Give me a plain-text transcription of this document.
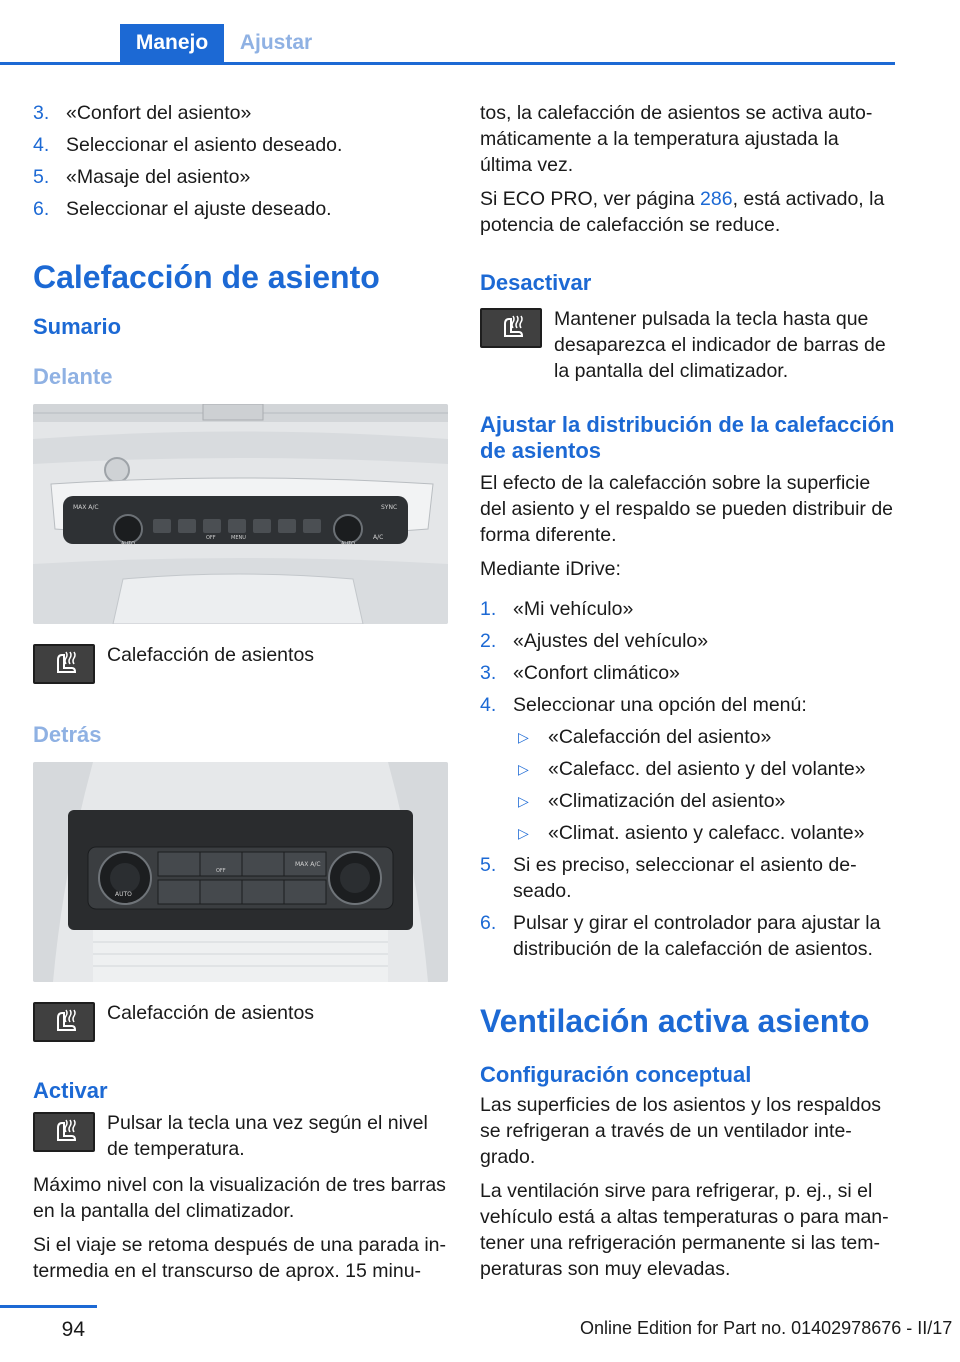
Manejo	Ajustar
3. «Confort del asiento»
4. Seleccionar el asiento deseado.
5. «Masaje del asiento»
6. Seleccionar el ajuste deseado.
Calefacción de asiento
Sumario
Delante
MAX A/C
AUTO	AUTO
MENU
SYNC
A/C
OFF
Calefacción de asientos
Detrás
AUTO
OFF
MAX A/C
Calefacción de asientos
Activar
Pulsar la tecla una vez según el nivel de temperatura.

Máximo nivel con la visualización de tres barras en la pantalla del climatizador.

Si el viaje se retoma después de una parada in‐termedia en el transcurso de aprox. 15 minu‐

tos, la calefacción de asientos se activa auto‐máticamente a la temperatura ajustada la última vez.

Si ECO PRO, ver página 286, está activado, la potencia de calefacción se reduce.

Desactivar
Mantener pulsada la tecla hasta que desaparezca el indicador de barras de la pantalla del climatizador.
Ajustar la distribución de la calefacción de asientos

El efecto de la calefacción sobre la superficie del asiento y el respaldo se pueden distribuir de forma diferente.

Mediante iDrive:

1. «Mi vehículo»
2. «Ajustes del vehículo»
3. «Confort climático»
4. Seleccionar una opción del menú:
▷ «Calefacción del asiento»
▷ «Calefacc. del asiento y del volante»
▷ «Climatización del asiento»
▷ «Climat. asiento y calefacc. volante»
5. Si es preciso, seleccionar el asiento de‐seado.
6. Pulsar y girar el controlador para ajustar la distribución de la calefacción de asientos.
Ventilación activa asiento
Configuración conceptual

Las superficies de los asientos y los respaldos se refrigeran a través de un ventilador inte‐grado.

La ventilación sirve para refrigerar, p. ej., si el vehículo está a altas temperaturas o para man‐tener una refrigeración permanente si las tem‐peraturas son muy elevadas.

94	Online Edition for Part no. 01402978676 - II/17
